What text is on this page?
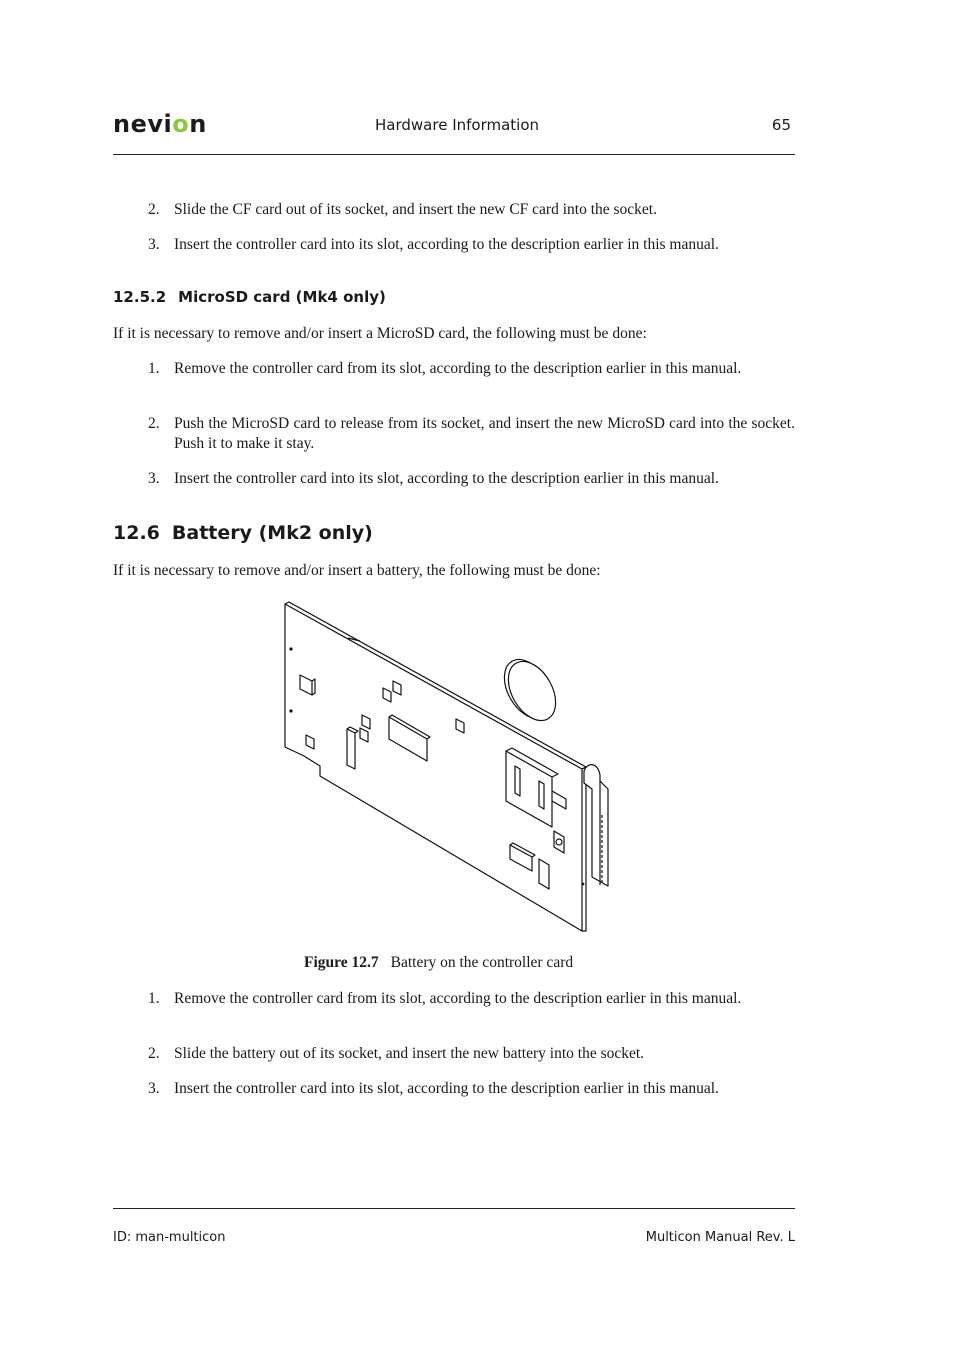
nevion	Hardware Information	65
2. Slide the CF card out of its socket, and insert the new CF card into the socket.
3. Insert the controller card into its slot, according to the description earlier in this manual.
12.5.2 MicroSD card (Mk4 only)
If it is necessary to remove and/or insert a MicroSD card, the following must be done:
1. Remove the controller card from its slot, according to the description earlier in this manual.
2. Push the MicroSD card to release from its socket, and insert the new MicroSD card into the socket. Push it to make it stay.
3. Insert the controller card into its slot, according to the description earlier in this manual.
12.6 Battery (Mk2 only)
If it is necessary to remove and/or insert a battery, the following must be done:
Figure 12.7 Battery on the controller card
1. Remove the controller card from its slot, according to the description earlier in this manual.
2. Slide the battery out of its socket, and insert the new battery into the socket.
3. Insert the controller card into its slot, according to the description earlier in this manual.
ID: man-multicon	Multicon Manual Rev. L
